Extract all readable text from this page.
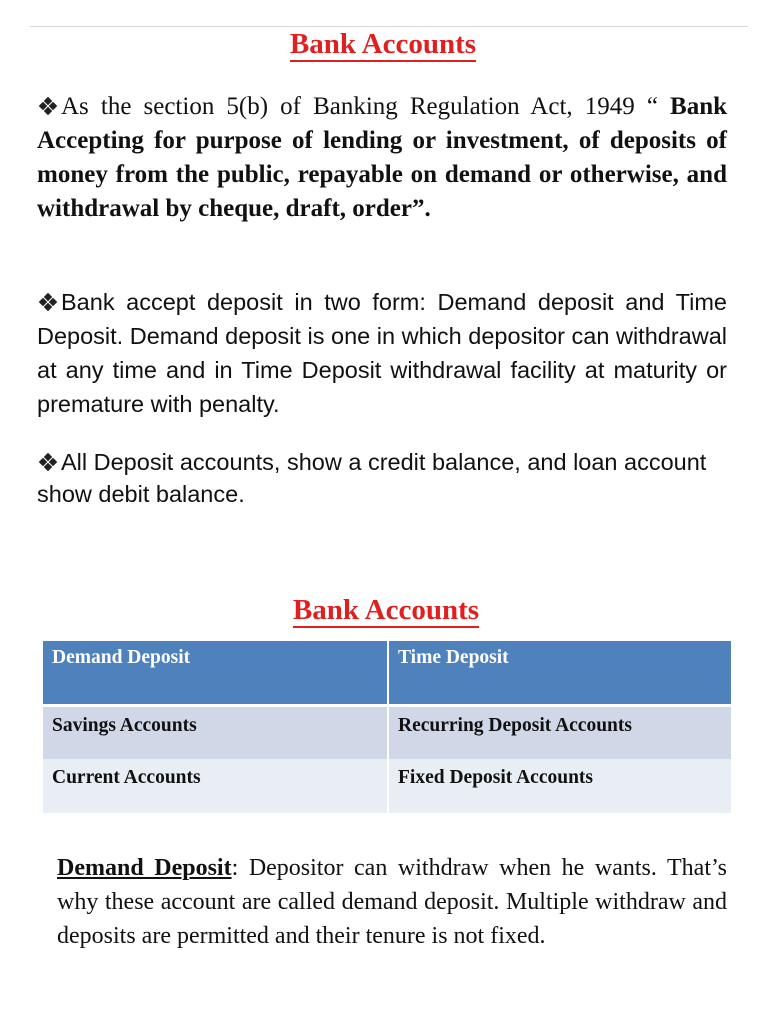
Bank Accounts
As the section 5(b) of Banking Regulation Act, 1949 “ Bank Accepting for purpose of lending or investment, of deposits of money from the public, repayable on demand or otherwise, and withdrawal by cheque, draft, order”.
Bank accept deposit in two form: Demand deposit and Time Deposit. Demand deposit is one in which depositor can withdrawal at any time and in Time Deposit withdrawal facility at maturity or premature with penalty.
All Deposit accounts, show a credit balance, and loan account show debit balance.
Bank Accounts
Demand Deposit	Time Deposit
Savings Accounts	Recurring Deposit Accounts
Current Accounts	Fixed Deposit Accounts
Demand Deposit: Depositor can withdraw when he wants. That’s why these account are called demand deposit. Multiple withdraw and deposits are permitted and their tenure is not fixed.
